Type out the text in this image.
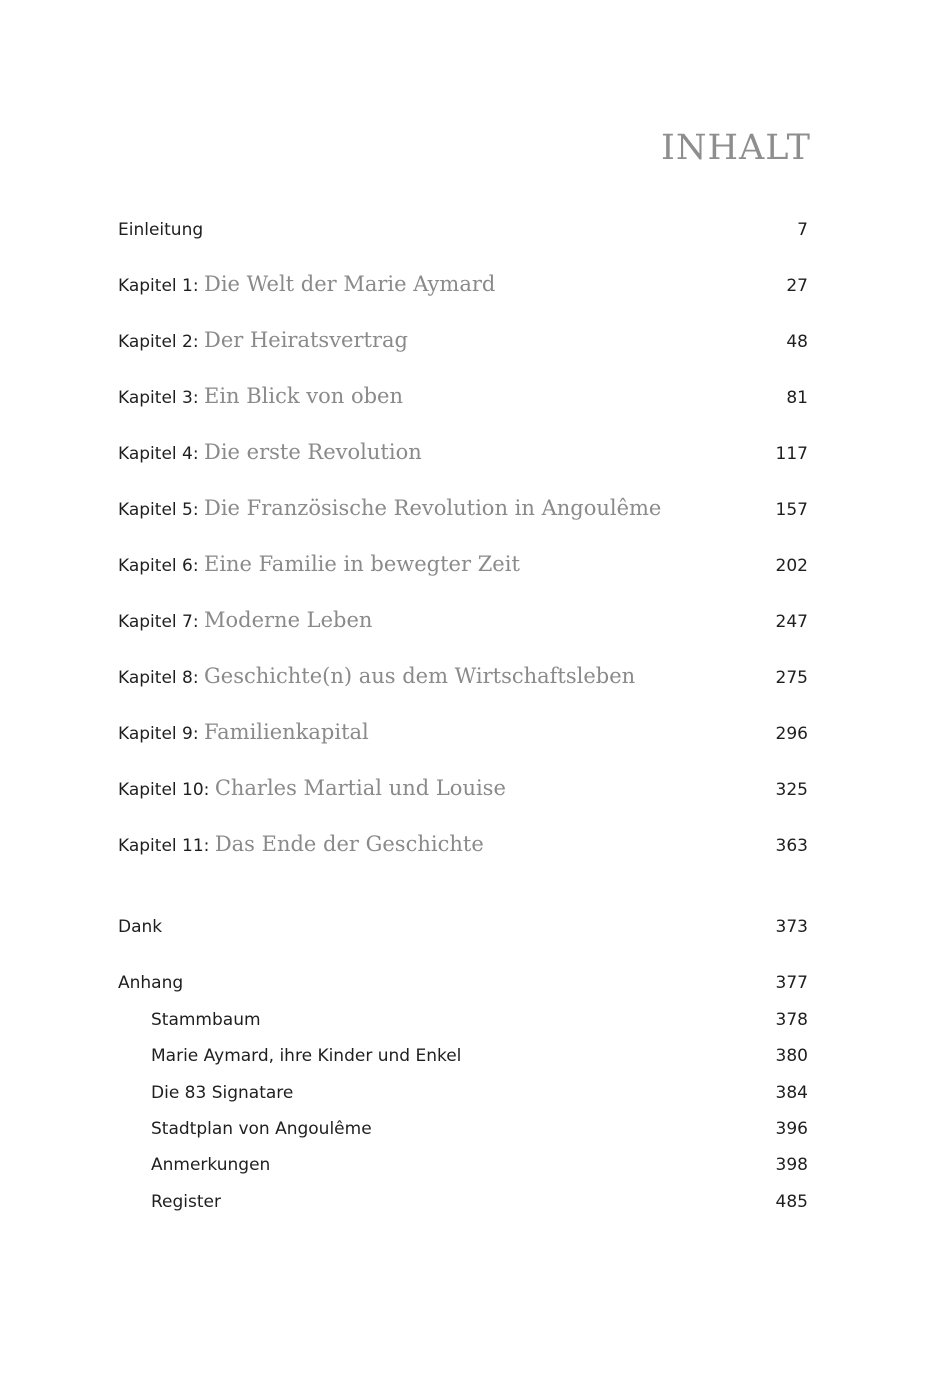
INHALT
Einleitung	7
Kapitel 1: Die Welt der Marie Aymard	27
Kapitel 2: Der Heiratsvertrag	48
Kapitel 3: Ein Blick von oben	81
Kapitel 4: Die erste Revolution	117
Kapitel 5: Die Französische Revolution in Angoulême	157
Kapitel 6: Eine Familie in bewegter Zeit	202
Kapitel 7: Moderne Leben	247
Kapitel 8: Geschichte(n) aus dem Wirtschaftsleben	275
Kapitel 9: Familienkapital	296
Kapitel 10: Charles Martial und Louise	325
Kapitel 11: Das Ende der Geschichte	363
Dank	373
Anhang	377
Stammbaum	378
Marie Aymard, ihre Kinder und Enkel	380
Die 83 Signatare	384
Stadtplan von Angoulême	396
Anmerkungen	398
Register	485
